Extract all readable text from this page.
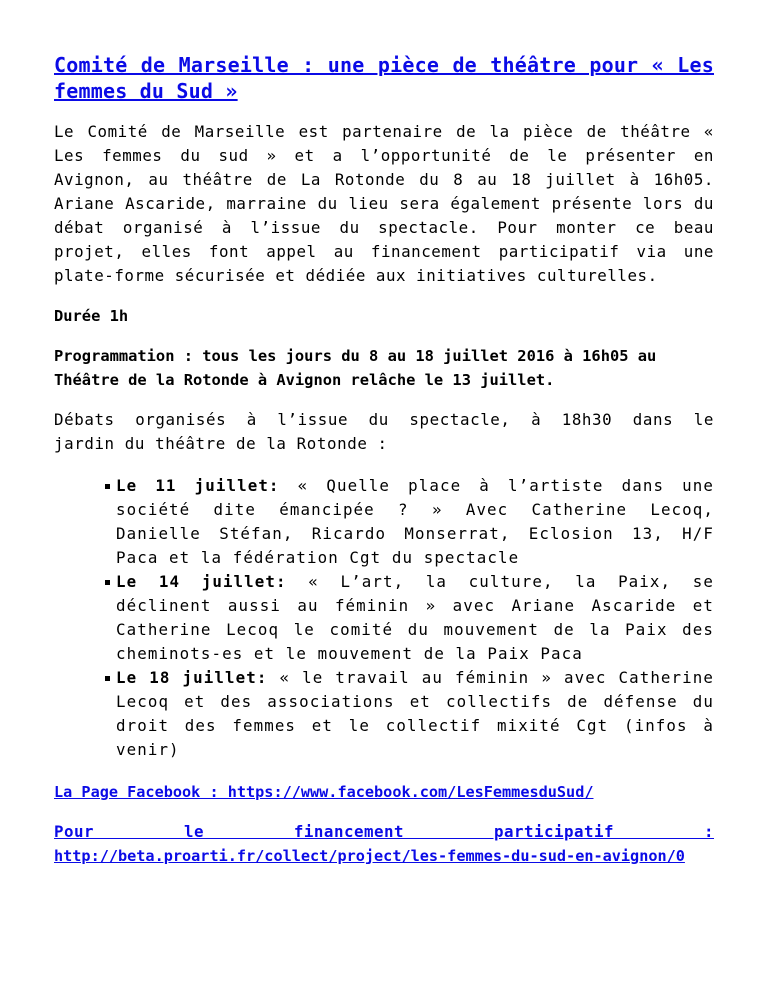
Comité de Marseille : une pièce de théâtre pour « Les femmes du Sud »

Le Comité de Marseille est partenaire de la pièce de théâtre « Les femmes du sud » et a l’opportunité de le présenter en Avignon, au théâtre de La Rotonde du 8 au 18 juillet à 16h05. Ariane Ascaride, marraine du lieu sera également présente lors du débat organisé à l’issue du spectacle. Pour monter ce beau projet, elles font appel au financement participatif via une plate-forme sécurisée et dédiée aux initiatives culturelles.

Durée 1h

Programmation : tous les jours du 8 au 18 juillet 2016 à 16h05 au Théâtre de la Rotonde à Avignon relâche le 13 juillet.

Débats organisés à l’issue du spectacle, à 18h30 dans le
jardin du théâtre de la Rotonde :

Le 11 juillet: « Quelle place à l’artiste dans une société dite émancipée ? » Avec Catherine Lecoq, Danielle Stéfan, Ricardo Monserrat, Eclosion 13, H/F Paca et la fédération Cgt du spectacle
Le 14 juillet: « L’art, la culture, la Paix, se déclinent aussi au féminin » avec Ariane Ascaride et Catherine Lecoq le comité du mouvement de la Paix des cheminots-es et le mouvement de la Paix Paca
Le 18 juillet: « le travail au féminin » avec Catherine Lecoq et des associations et collectifs de défense du droit des femmes et le collectif mixité Cgt (infos à venir)

La Page Facebook : https://www.facebook.com/LesFemmesduSud/

Pour le financement participatif :
http://beta.proarti.fr/collect/project/les-femmes-du-sud-en-avignon/0
